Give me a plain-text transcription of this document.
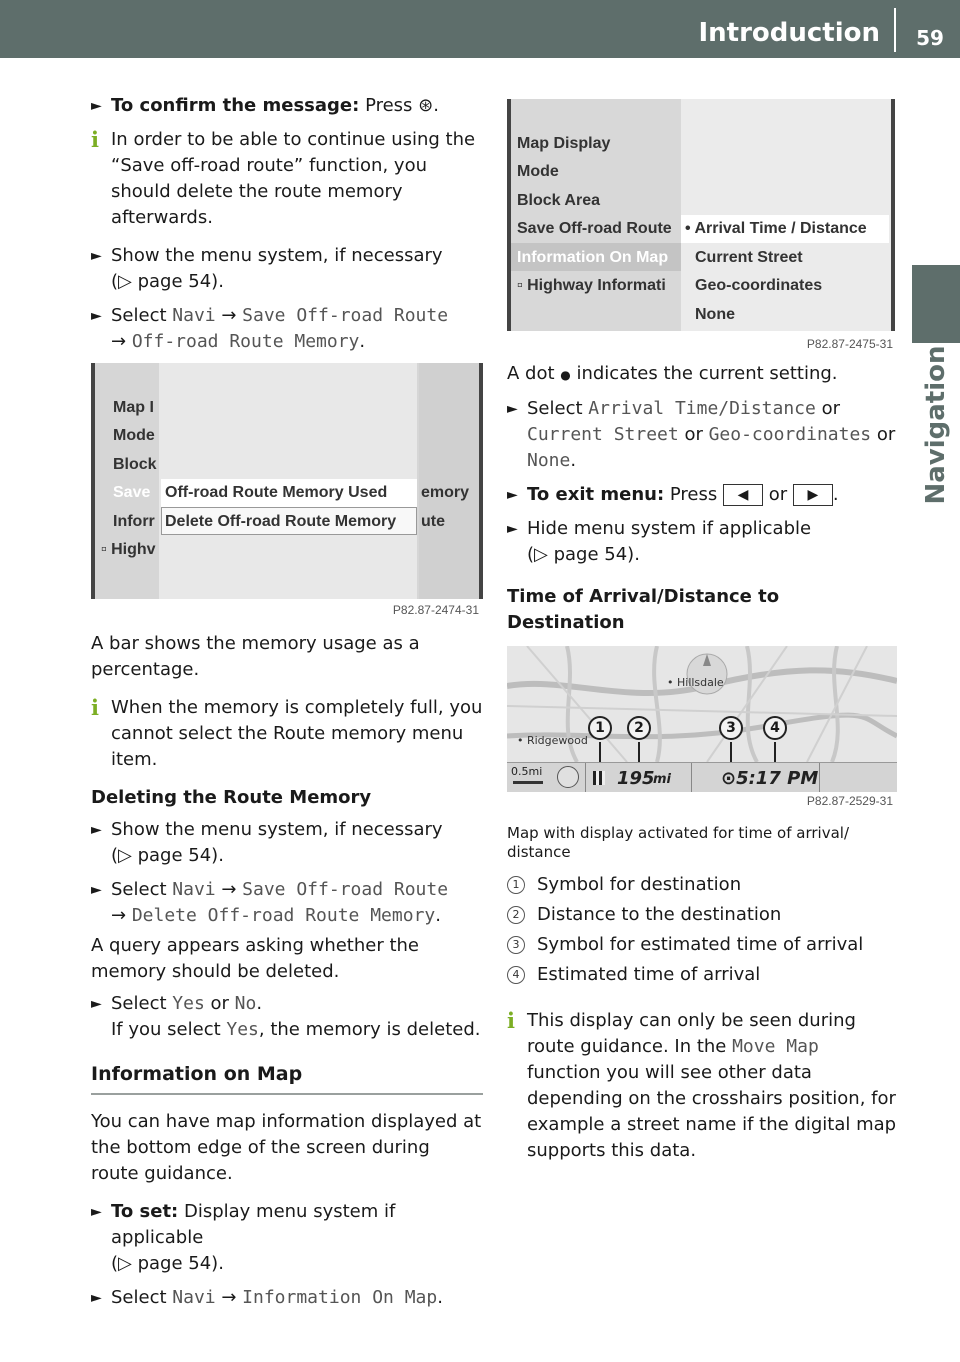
Introduction	59
Navigation
► To confirm the message: Press ⊛.
i In order to be able to continue using the “Save off-road route” function, you should delete the route memory afterwards.
► Show the menu system, if necessary
(▷ page 54).
► Select Navi → Save Off-road Route
→ Off-road Route Memory.
Map I
Mode
Block
Save
Inforr
▫ Highv
Off-road Route Memory Used
Delete Off-road Route Memory
emory
ute
P82.87-2474-31
A bar shows the memory usage as a percentage.
i When the memory is completely full, you cannot select the Route memory menu item.
Deleting the Route Memory
► Show the menu system, if necessary
(▷ page 54).
► Select Navi → Save Off-road Route
→ Delete Off-road Route Memory.
A query appears asking whether the memory should be deleted.
► Select Yes or No.
If you select Yes, the memory is deleted.
Information on Map
You can have map information displayed at the bottom edge of the screen during route guidance.
► To set: Display menu system if applicable
(▷ page 54).
► Select Navi → Information On Map.
Map Display
Mode
Block Area
Save Off-road Route
Information On Map
▫ Highway Informati
• Arrival Time / Distance
Current Street
Geo-coordinates
None
P82.87-2475-31
A dot ● indicates the current setting.
► Select Arrival Time/Distance or
Current Street or Geo-coordinates or
None.
► To exit menu: Press ◀ or ▶ .
► Hide menu system if applicable
(▷ page 54).
Time of Arrival/Distance to Destination
• Hillsdale
• Ridgewood
1	2	3	4
0.5mi	195
mi	⊙5:17 PM
P82.87-2529-31
Map with display activated for time of arrival/ distance
1 Symbol for destination
2 Distance to the destination
3 Symbol for estimated time of arrival
4 Estimated time of arrival
i This display can only be seen during route guidance. In the Move Map function you will see other data depending on the crosshairs position, for example a street name if the digital map supports this data.
